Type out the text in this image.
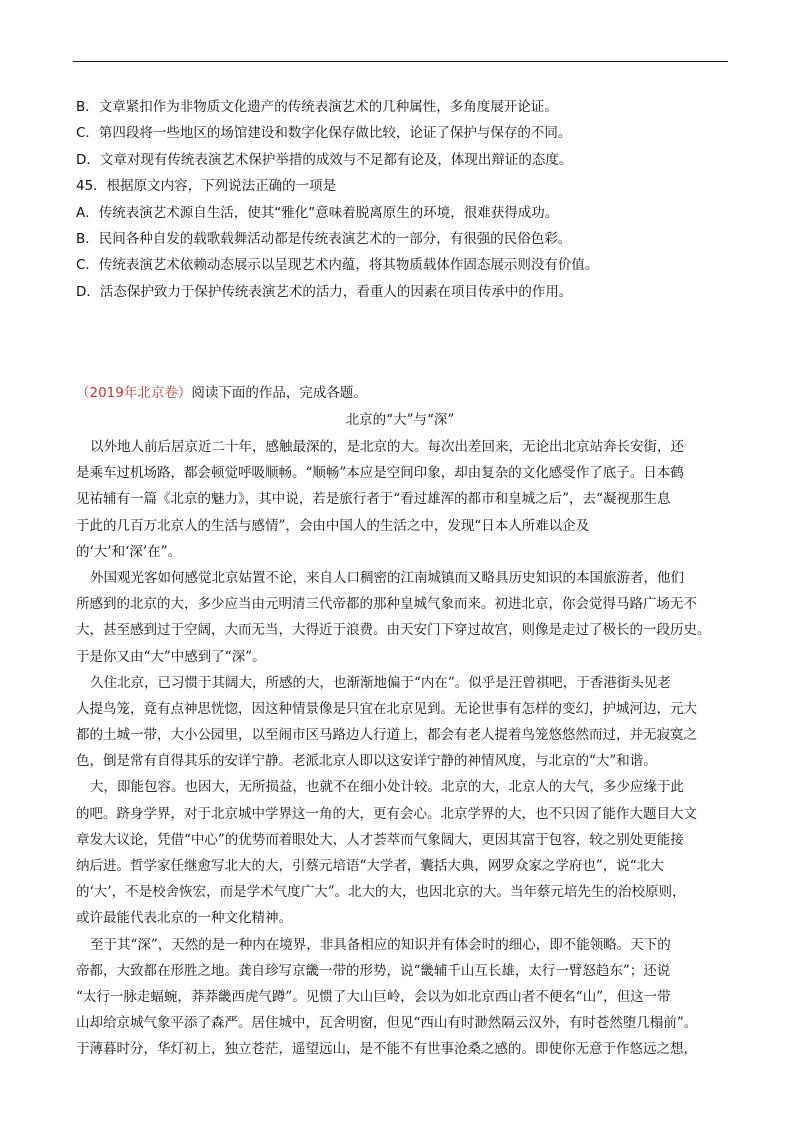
B．文章紧扣作为非物质文化遗产的传统表演艺术的几种属性，多角度展开论证。
C．第四段将一些地区的场馆建设和数字化保存做比较，论证了保护与保存的不同。
D．文章对现有传统表演艺术保护举措的成效与不足都有论及，体现出辩证的态度。
45．根据原文内容，下列说法正确的一项是
A．传统表演艺术源自生活，使其“雅化”意味着脱离原生的环境，很难获得成功。
B．民间各种自发的载歌载舞活动都是传统表演艺术的一部分，有很强的民俗色彩。
C．传统表演艺术依赖动态展示以呈现艺术内蕴，将其物质载体作固态展示则没有价值。
D．活态保护致力于保护传统表演艺术的活力，看重人的因素在项目传承中的作用。
（2019年北京卷）阅读下面的作品，完成各题。
北京的“大”与“深”
以外地人前后居京近二十年，感触最深的，是北京的大。每次出差回来，无论出北京站奔长安街，还
是乘车过机场路，都会顿觉呼吸顺畅。“顺畅”本应是空间印象，却由复杂的文化感受作了底子。日本鹤
见祐辅有一篇《北京的魅力》，其中说，若是旅行者于“看过雄浑的都市和皇城之后”，去“凝视那生息
于此的几百万北京人的生活与感情”，会由中国人的生活之中，发现“日本人所难以企及
的‘大’和‘深’在”。
外国观光客如何感觉北京姑置不论，来自人口稠密的江南城镇而又略具历史知识的本国旅游者，他们
所感到的北京的大，多少应当由元明清三代帝都的那种皇城气象而来。初进北京，你会觉得马路广场无不
大，甚至感到过于空阔，大而无当，大得近于浪费。由天安门下穿过故宫，则像是走过了极长的一段历史。
于是你又由“大”中感到了“深”。
久住北京，已习惯于其阔大，所感的大，也渐渐地偏于“内在”。似乎是汪曾祺吧，于香港街头见老
人提鸟笼，竟有点神思恍惚，因这种情景像是只宜在北京见到。无论世事有怎样的变幻，护城河边，元大
都的土城一带，大小公园里，以至闹市区马路边人行道上，都会有老人提着鸟笼悠悠然而过，并无寂寞之
色，倒是常有自得其乐的安详宁静。老派北京人即以这安详宁静的神情风度，与北京的“大”和谐。
大，即能包容。也因大，无所损益，也就不在细小处计较。北京的大，北京人的大气，多少应缘于此
的吧。跻身学界，对于北京城中学界这一角的大，更有会心。北京学界的大，也不只因了能作大题目大文
章发大议论，凭借“中心”的优势而着眼处大，人才荟萃而气象阔大，更因其富于包容，较之别处更能接
纳后进。哲学家任继愈写北大的大，引蔡元培语“大学者，囊括大典，网罗众家之学府也”，说“北大
的‘大’，不是校舍恢宏，而是学术气度广大”。北大的大，也因北京的大。当年蔡元培先生的治校原则，
或许最能代表北京的一种文化精神。
至于其“深”，天然的是一种内在境界，非具备相应的知识并有体会时的细心，即不能领略。天下的
帝都，大致都在形胜之地。龚自珍写京畿一带的形势，说“畿辅千山互长雄，太行一臂怒趋东”；还说
“太行一脉走蝠蜿，莽莽畿西虎气蹲”。见惯了大山巨岭，会以为如北京西山者不便名“山”，但这一带
山却给京城气象平添了森严。居住城中，瓦舍明窗，但见“西山有时渺然隔云汉外，有时苍然堕几榻前”。
于薄暮时分，华灯初上，独立苍茫，遥望远山，是不能不有世事沧桑之感的。即使你无意于作悠远之想，
